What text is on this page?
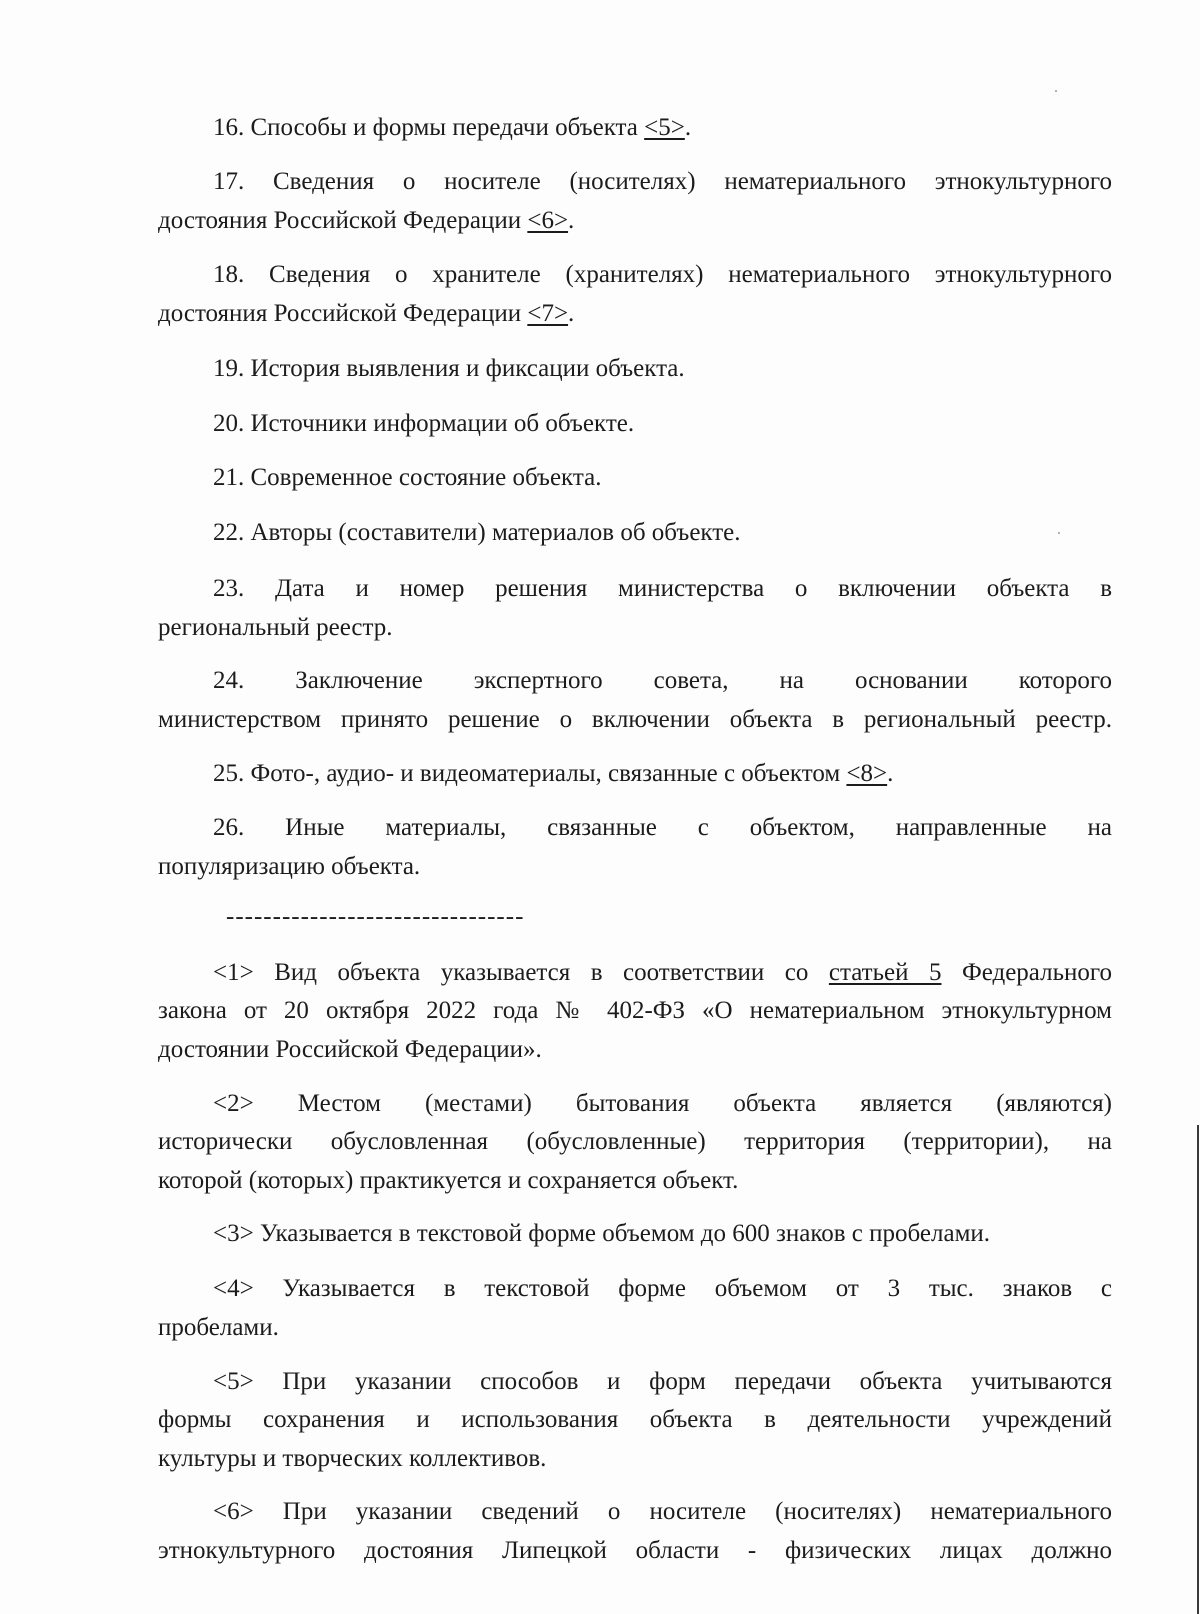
16. Способы и формы передачи объекта <5>.
17. Сведения о носителе (носителях) нематериального этнокультурного
достояния Российской Федерации <6>.
18. Сведения о хранителе (хранителях) нематериального этнокультурного
достояния Российской Федерации <7>.
19. История выявления и фиксации объекта.
20. Источники информации об объекте.
21. Современное состояние объекта.
22. Авторы (составители) материалов об объекте.
23. Дата и номер решения министерства о включении объекта в
региональный реестр.
24. Заключение экспертного совета, на основании которого
министерством принято решение о включении объекта в региональный реестр.
25. Фото-, аудио- и видеоматериалы, связанные с объектом <8>.
26. Иные материалы, связанные с объектом, направленные на
популяризацию объекта.
--------------------------------
<1> Вид объекта указывается в соответствии со статьей 5 Федерального
закона от 20 октября 2022 года № 402-ФЗ «О нематериальном этнокультурном
достоянии Российской Федерации».
<2> Местом (местами) бытования объекта является (являются)
исторически обусловленная (обусловленные) территория (территории), на
которой (которых) практикуется и сохраняется объект.
<3> Указывается в текстовой форме объемом до 600 знаков с пробелами.
<4> Указывается в текстовой форме объемом от 3 тыс. знаков с
пробелами.
<5> При указании способов и форм передачи объекта учитываются
формы сохранения и использования объекта в деятельности учреждений
культуры и творческих коллективов.
<6> При указании сведений о носителе (носителях) нематериального
этнокультурного достояния Липецкой области - физических лицах должно
